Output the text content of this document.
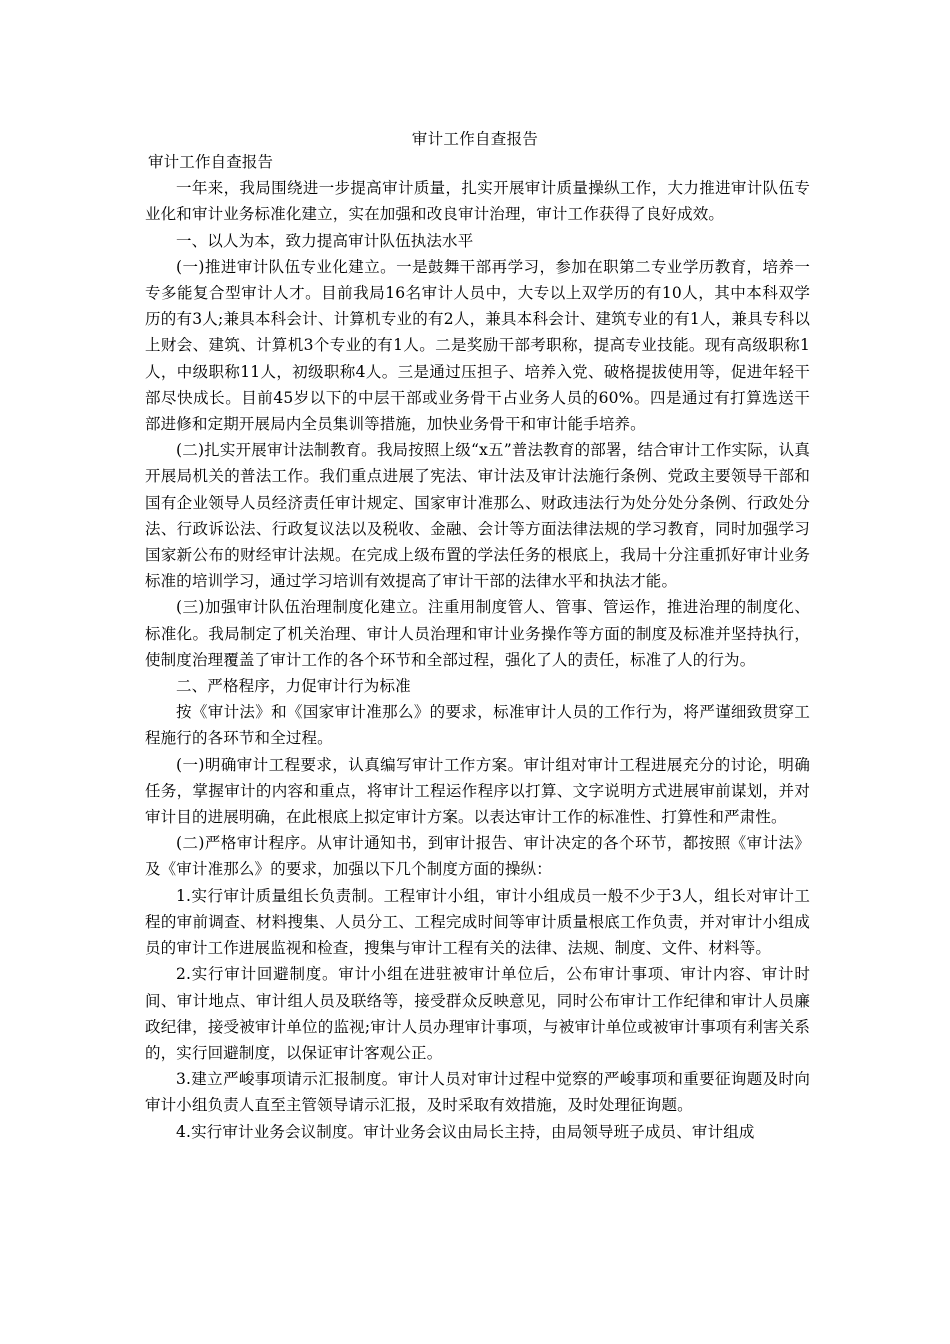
审计工作自查报告

审计工作自查报告

一年来，我局围绕进一步提高审计质量，扎实开展审计质量操纵工作，大力推进审计队伍专业化和审计业务标准化建立，实在加强和改良审计治理，审计工作获得了良好成效。

一、以人为本，致力提高审计队伍执法水平

(一)推进审计队伍专业化建立。一是鼓舞干部再学习，参加在职第二专业学历教育，培养一专多能复合型审计人才。目前我局16名审计人员中，大专以上双学历的有10人，其中本科双学历的有3人;兼具本科会计、计算机专业的有2人，兼具本科会计、建筑专业的有1人，兼具专科以上财会、建筑、计算机3个专业的有1人。二是奖励干部考职称，提高专业技能。现有高级职称1人，中级职称11人，初级职称4人。三是通过压担子、培养入党、破格提拔使用等，促进年轻干部尽快成长。目前45岁以下的中层干部或业务骨干占业务人员的60%。四是通过有打算选送干部进修和定期开展局内全员集训等措施，加快业务骨干和审计能手培养。

(二)扎实开展审计法制教育。我局按照上级“x五”普法教育的部署，结合审计工作实际，认真开展局机关的普法工作。我们重点进展了宪法、审计法及审计法施行条例、党政主要领导干部和国有企业领导人员经济责任审计规定、国家审计准那么、财政违法行为处分处分条例、行政处分法、行政诉讼法、行政复议法以及税收、金融、会计等方面法律法规的学习教育，同时加强学习国家新公布的财经审计法规。在完成上级布置的学法任务的根底上，我局十分注重抓好审计业务标准的培训学习，通过学习培训有效提高了审计干部的法律水平和执法才能。

(三)加强审计队伍治理制度化建立。注重用制度管人、管事、管运作，推进治理的制度化、标准化。我局制定了机关治理、审计人员治理和审计业务操作等方面的制度及标准并坚持执行，使制度治理覆盖了审计工作的各个环节和全部过程，强化了人的责任，标准了人的行为。

二、严格程序，力促审计行为标准

按《审计法》和《国家审计准那么》的要求，标准审计人员的工作行为，将严谨细致贯穿工程施行的各环节和全过程。

(一)明确审计工程要求，认真编写审计工作方案。审计组对审计工程进展充分的讨论，明确任务，掌握审计的内容和重点，将审计工程运作程序以打算、文字说明方式进展审前谋划，并对审计目的进展明确，在此根底上拟定审计方案。以表达审计工作的标准性、打算性和严肃性。

(二)严格审计程序。从审计通知书，到审计报告、审计决定的各个环节，都按照《审计法》及《审计准那么》的要求，加强以下几个制度方面的操纵：

1.实行审计质量组长负责制。工程审计小组，审计小组成员一般不少于3人，组长对审计工程的审前调查、材料搜集、人员分工、工程完成时间等审计质量根底工作负责，并对审计小组成员的审计工作进展监视和检查，搜集与审计工程有关的法律、法规、制度、文件、材料等。

2.实行审计回避制度。审计小组在进驻被审计单位后，公布审计事项、审计内容、审计时间、审计地点、审计组人员及联络等，接受群众反映意见，同时公布审计工作纪律和审计人员廉政纪律，接受被审计单位的监视;审计人员办理审计事项，与被审计单位或被审计事项有利害关系的，实行回避制度，以保证审计客观公正。

3.建立严峻事项请示汇报制度。审计人员对审计过程中觉察的严峻事项和重要征询题及时向审计小组负责人直至主管领导请示汇报，及时采取有效措施，及时处理征询题。

4.实行审计业务会议制度。审计业务会议由局长主持，由局领导班子成员、审计组成
